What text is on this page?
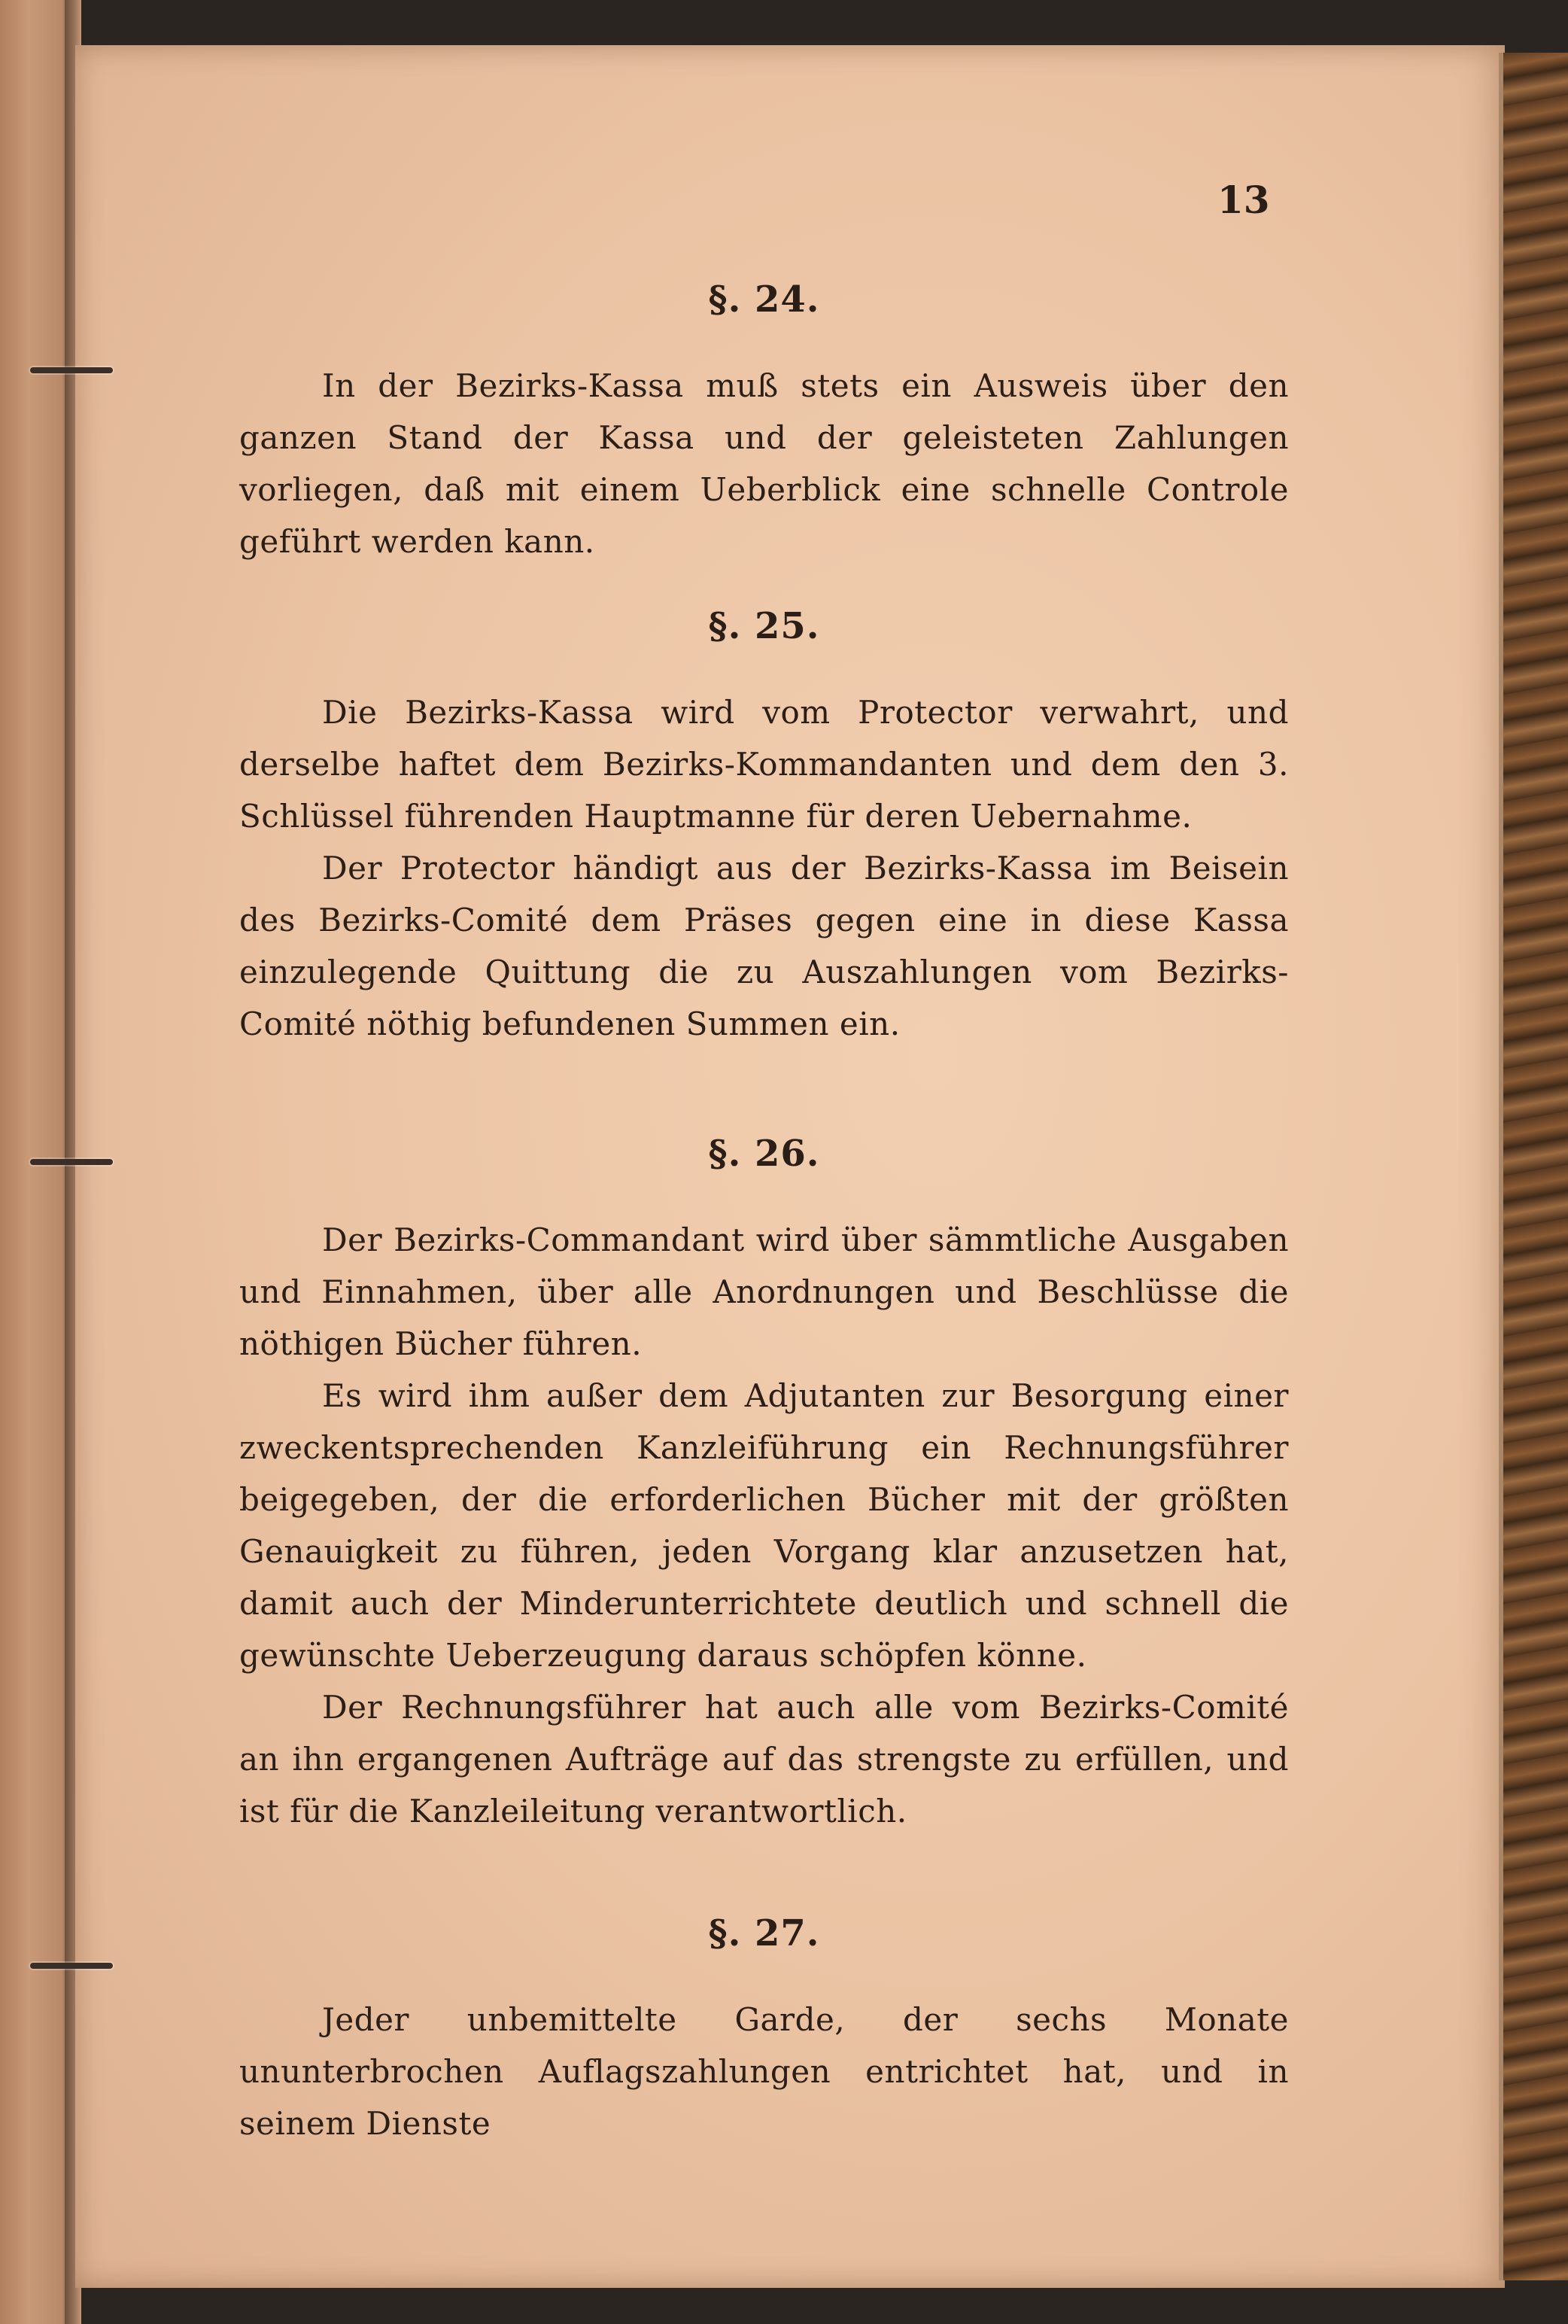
13
§. 24.

In der Bezirks-Kassa muß stets ein Ausweis über den ganzen Stand der Kassa und der geleisteten Zahlungen vorliegen, daß mit einem Ueberblick eine schnelle Controle geführt werden kann.

§. 25.

Die Bezirks-Kassa wird vom Protector verwahrt, und derselbe haftet dem Bezirks-Kommandanten und dem den 3. Schlüssel führenden Hauptmanne für deren Uebernahme.

Der Protector händigt aus der Bezirks-Kassa im Beisein des Bezirks-Comité dem Präses gegen eine in diese Kassa einzulegende Quittung die zu Auszahlungen vom Bezirks-Comité nöthig befundenen Summen ein.

§. 26.

Der Bezirks-Commandant wird über sämmtliche Ausgaben und Einnahmen, über alle Anordnungen und Beschlüsse die nöthigen Bücher führen.

Es wird ihm außer dem Adjutanten zur Besorgung einer zweckentsprechenden Kanzleiführung ein Rechnungsführer beigegeben, der die erforderlichen Bücher mit der größten Genauigkeit zu führen, jeden Vorgang klar anzusetzen hat, damit auch der Minderunterrichtete deutlich und schnell die gewünschte Ueberzeugung daraus schöpfen könne.

Der Rechnungsführer hat auch alle vom Bezirks-Comité an ihn ergangenen Aufträge auf das strengste zu erfüllen, und ist für die Kanzleileitung verantwortlich.

§. 27.

Jeder unbemittelte Garde, der sechs Monate ununterbrochen Auflagszahlungen entrichtet hat, und in seinem Dienste
